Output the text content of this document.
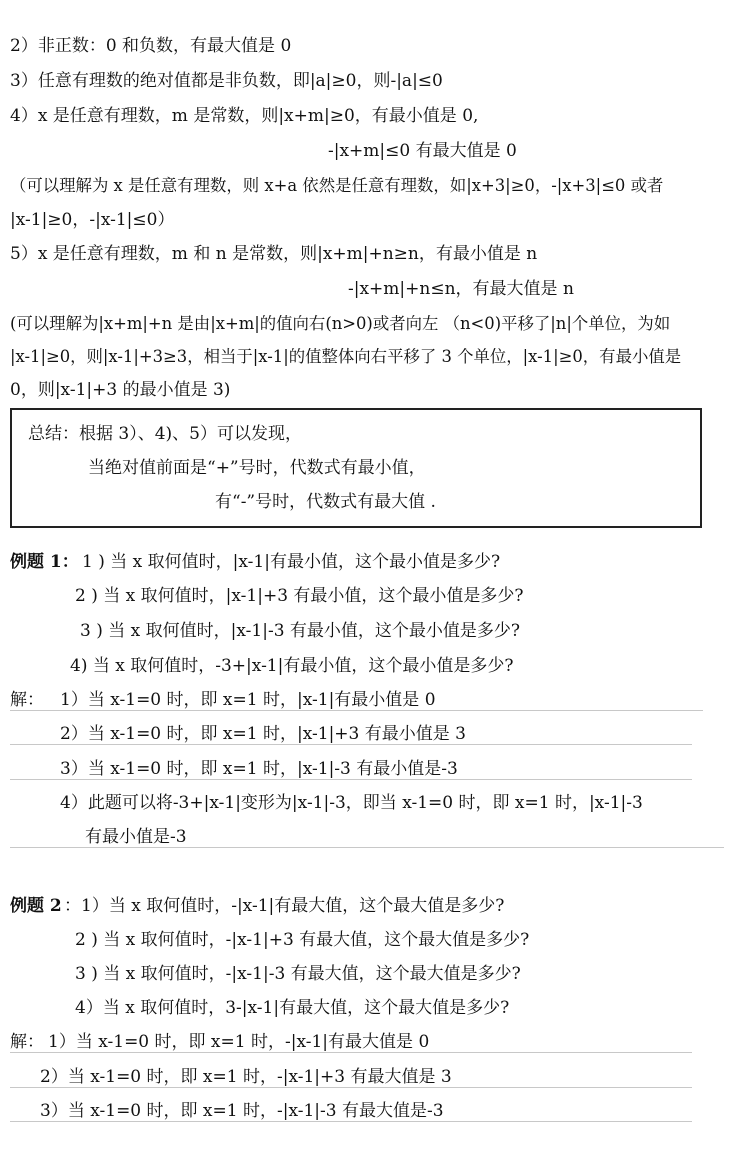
2）非正数：0 和负数，有最大值是 0
3）任意有理数的绝对值都是非负数，即|a|≥0，则-|a|≤0
4）x 是任意有理数，m 是常数，则|x+m|≥0，有最小值是 0,
-|x+m|≤0 有最大值是 0
（可以理解为 x 是任意有理数，则 x+a 依然是任意有理数，如|x+3|≥0，-|x+3|≤0 或者
|x-1|≥0，-|x-1|≤0）
5）x 是任意有理数，m 和 n 是常数，则|x+m|+n≥n，有最小值是 n
-|x+m|+n≤n，有最大值是 n
(可以理解为|x+m|+n 是由|x+m|的值向右(n>0)或者向左 （n<0)平移了|n|个单位，为如
|x-1|≥0，则|x-1|+3≥3，相当于|x-1|的值整体向右平移了 3 个单位，|x-1|≥0，有最小值是
0，则|x-1|+3 的最小值是 3)
总结：根据 3）、4)、5）可以发现，
当绝对值前面是“+”号时，代数式有最小值，
有“-”号时，代数式有最大值 .
例题 1： 1 ) 当 x 取何值时，|x-1|有最小值，这个最小值是多少?
2 ) 当 x 取何值时，|x-1|+3 有最小值，这个最小值是多少?
3 ) 当 x 取何值时，|x-1|-3 有最小值，这个最小值是多少?
4) 当 x 取何值时，-3+|x-1|有最小值，这个最小值是多少?
解： 1）当 x-1=0 时，即 x=1 时，|x-1|有最小值是 0
2）当 x-1=0 时，即 x=1 时，|x-1|+3 有最小值是 3
3）当 x-1=0 时，即 x=1 时，|x-1|-3 有最小值是-3
4）此题可以将-3+|x-1|变形为|x-1|-3，即当 x-1=0 时，即 x=1 时，|x-1|-3
有最小值是-3
例题 2 ：1）当 x 取何值时，-|x-1|有最大值，这个最大值是多少?
2 ) 当 x 取何值时，-|x-1|+3 有最大值，这个最大值是多少?
3 ) 当 x 取何值时，-|x-1|-3 有最大值，这个最大值是多少?
4）当 x 取何值时，3-|x-1|有最大值，这个最大值是多少?
解： 1）当 x-1=0 时，即 x=1 时，-|x-1|有最大值是 0
2）当 x-1=0 时，即 x=1 时，-|x-1|+3 有最大值是 3
3）当 x-1=0 时，即 x=1 时，-|x-1|-3 有最大值是-3
